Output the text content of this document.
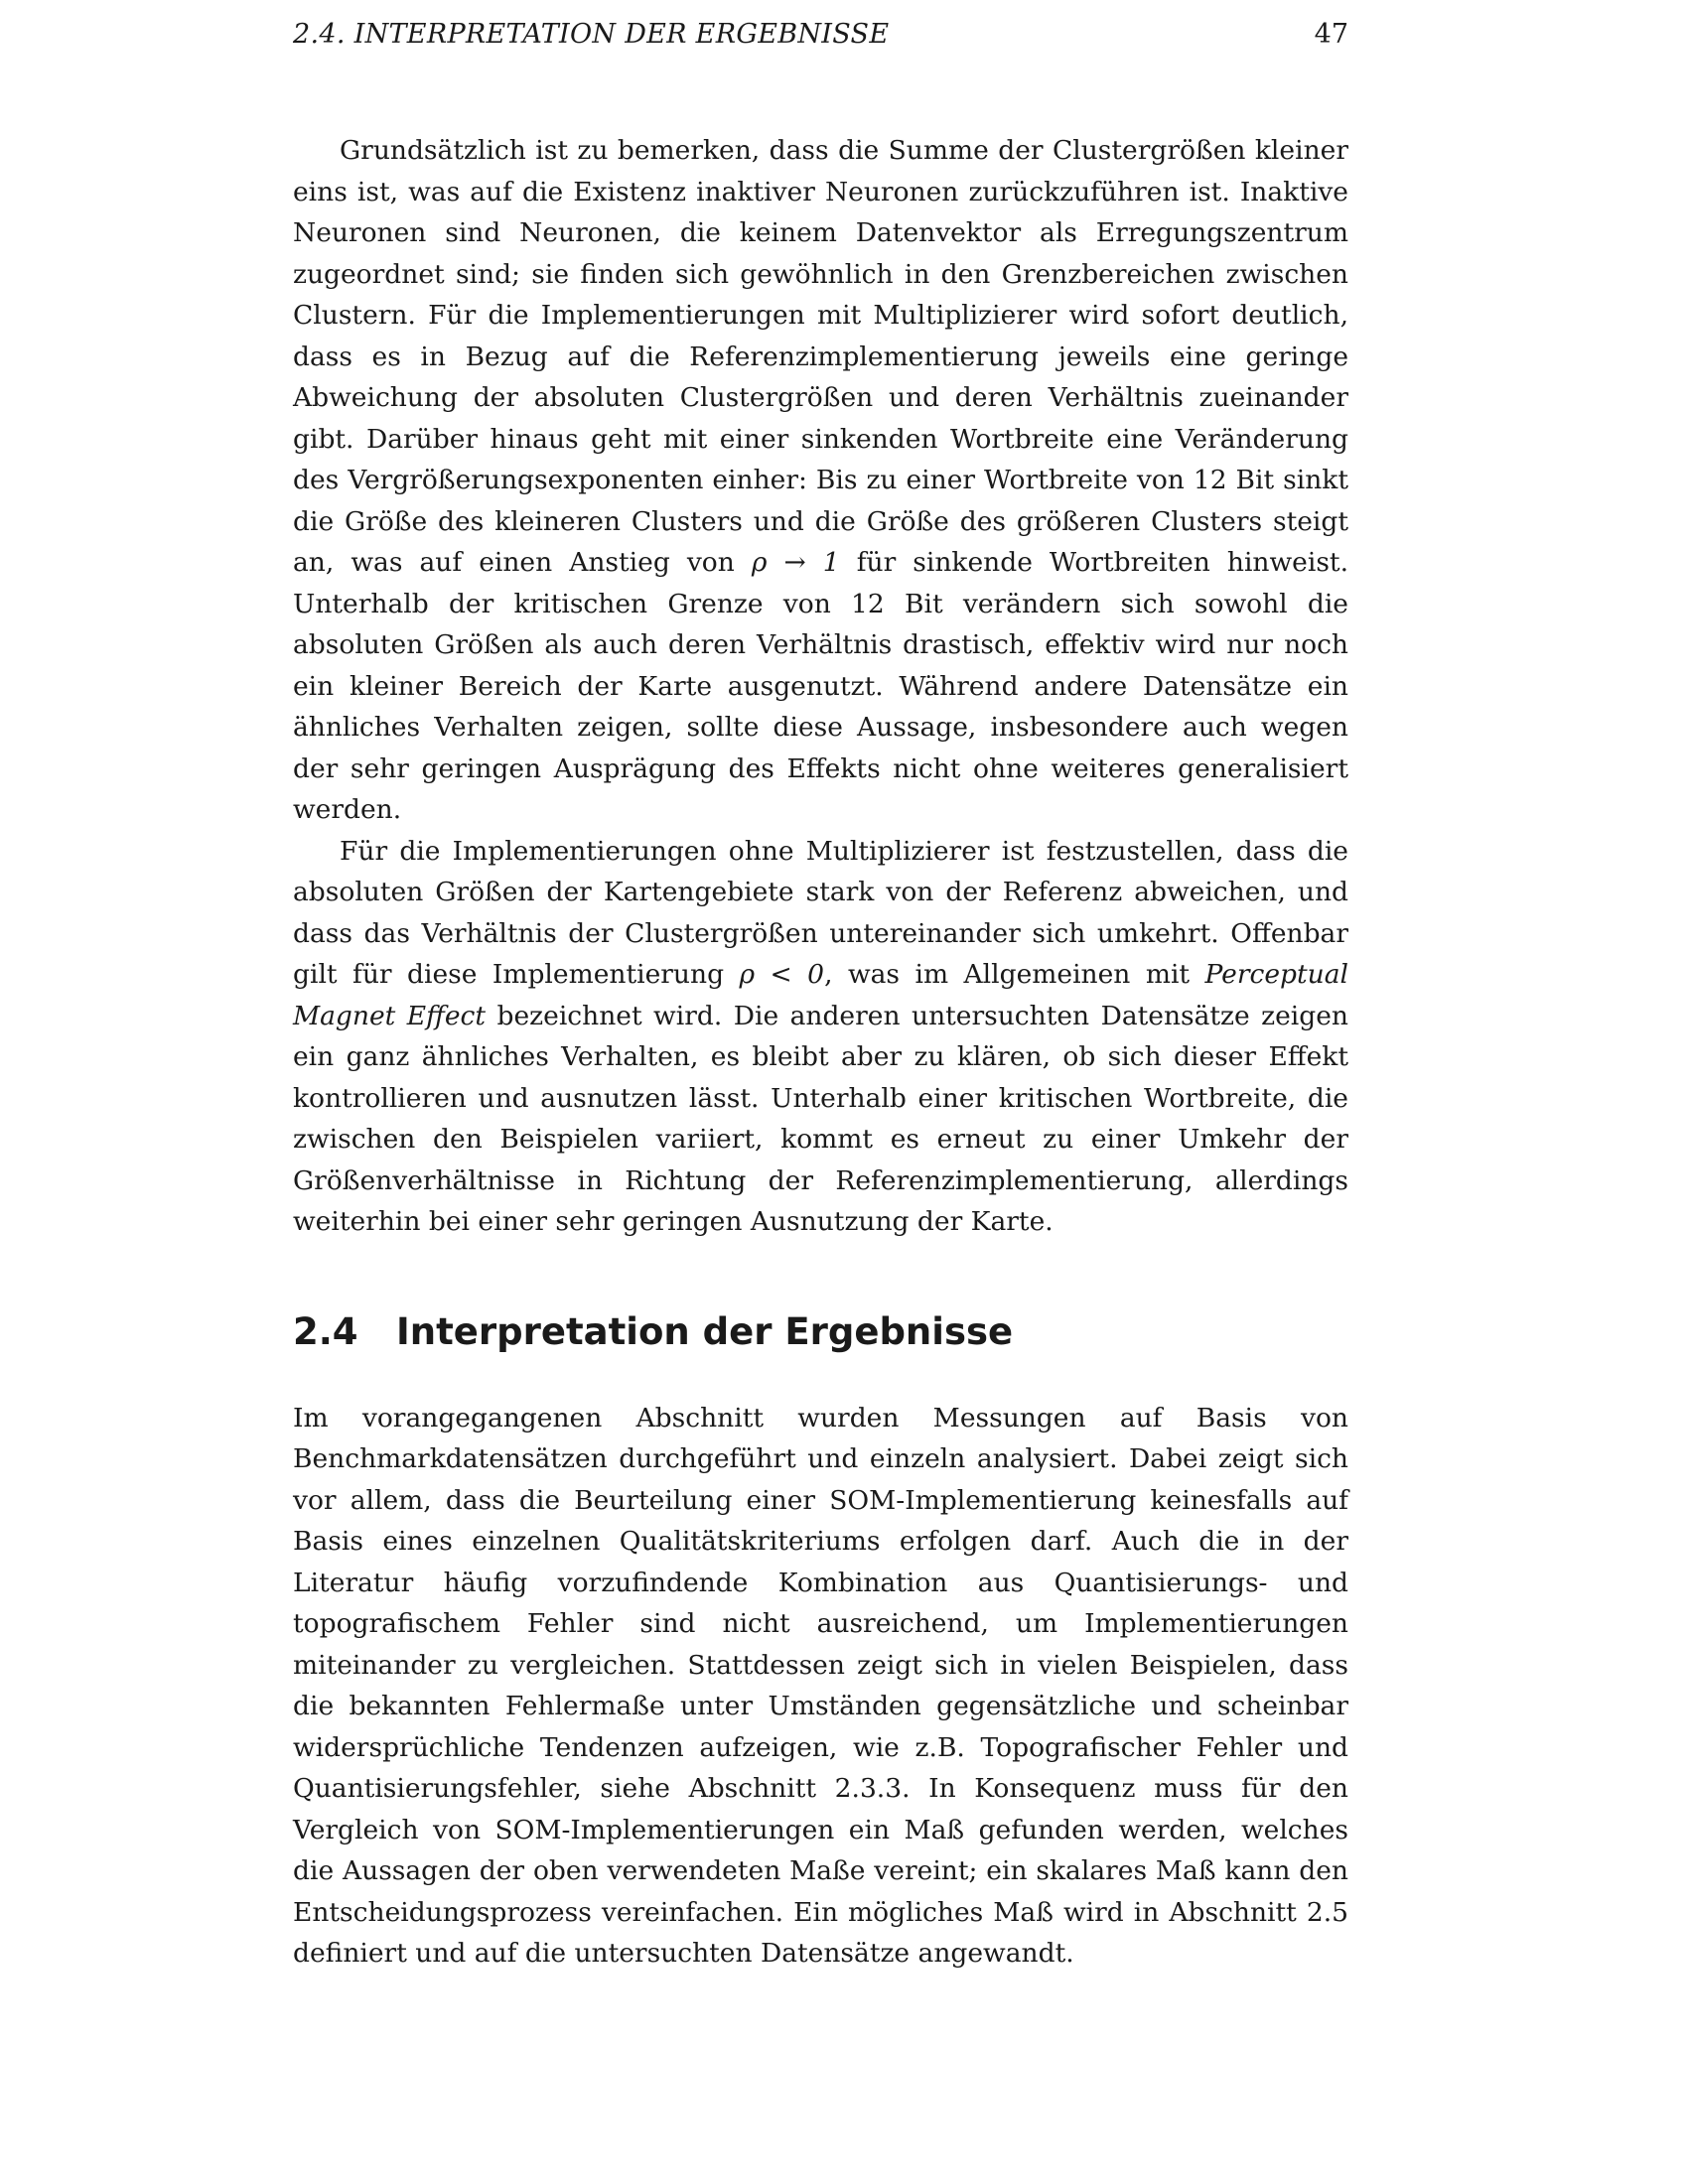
2.4. INTERPRETATION DER ERGEBNISSE	47

Grundsätzlich ist zu bemerken, dass die Summe der Clustergrößen kleiner eins ist, was auf die Existenz inaktiver Neuronen zurückzuführen ist. Inaktive Neuronen sind Neuronen, die keinem Datenvektor als Erregungszentrum zugeordnet sind; sie finden sich gewöhnlich in den Grenzbereichen zwischen Clustern. Für die Implementierungen mit Multiplizierer wird sofort deutlich, dass es in Bezug auf die Referenzimplementierung jeweils eine geringe Abweichung der absoluten Clustergrößen und deren Verhältnis zueinander gibt. Darüber hinaus geht mit einer sinkenden Wortbreite eine Veränderung des Vergrößerungsexponenten einher: Bis zu einer Wortbreite von 12 Bit sinkt die Größe des kleineren Clusters und die Größe des größeren Clusters steigt an, was auf einen Anstieg von ρ → 1 für sinkende Wortbreiten hinweist. Unterhalb der kritischen Grenze von 12 Bit verändern sich sowohl die absoluten Größen als auch deren Verhältnis drastisch, effektiv wird nur noch ein kleiner Bereich der Karte ausgenutzt. Während andere Datensätze ein ähnliches Verhalten zeigen, sollte diese Aussage, insbesondere auch wegen der sehr geringen Ausprägung des Effekts nicht ohne weiteres generalisiert werden.

Für die Implementierungen ohne Multiplizierer ist festzustellen, dass die absoluten Größen der Kartengebiete stark von der Referenz abweichen, und dass das Verhältnis der Clustergrößen untereinander sich umkehrt. Offenbar gilt für diese Implementierung ρ < 0, was im Allgemeinen mit Perceptual Magnet Effect bezeichnet wird. Die anderen untersuchten Datensätze zeigen ein ganz ähnliches Verhalten, es bleibt aber zu klären, ob sich dieser Effekt kontrollieren und ausnutzen lässt. Unterhalb einer kritischen Wortbreite, die zwischen den Beispielen variiert, kommt es erneut zu einer Umkehr der Größenverhältnisse in Richtung der Referenzimplementierung, allerdings weiterhin bei einer sehr geringen Ausnutzung der Karte.

2.4	Interpretation der Ergebnisse

Im vorangegangenen Abschnitt wurden Messungen auf Basis von Benchmarkdatensätzen durchgeführt und einzeln analysiert. Dabei zeigt sich vor allem, dass die Beurteilung einer SOM-Implementierung keinesfalls auf Basis eines einzelnen Qualitätskriteriums erfolgen darf. Auch die in der Literatur häufig vorzufindende Kombination aus Quantisierungs- und topografischem Fehler sind nicht ausreichend, um Implementierungen miteinander zu vergleichen. Stattdessen zeigt sich in vielen Beispielen, dass die bekannten Fehlermaße unter Umständen gegensätzliche und scheinbar widersprüchliche Tendenzen aufzeigen, wie z.B. Topografischer Fehler und Quantisierungsfehler, siehe Abschnitt 2.3.3. In Konsequenz muss für den Vergleich von SOM-Implementierungen ein Maß gefunden werden, welches die Aussagen der oben verwendeten Maße vereint; ein skalares Maß kann den Entscheidungsprozess vereinfachen. Ein mögliches Maß wird in Abschnitt 2.5 definiert und auf die untersuchten Datensätze angewandt.
